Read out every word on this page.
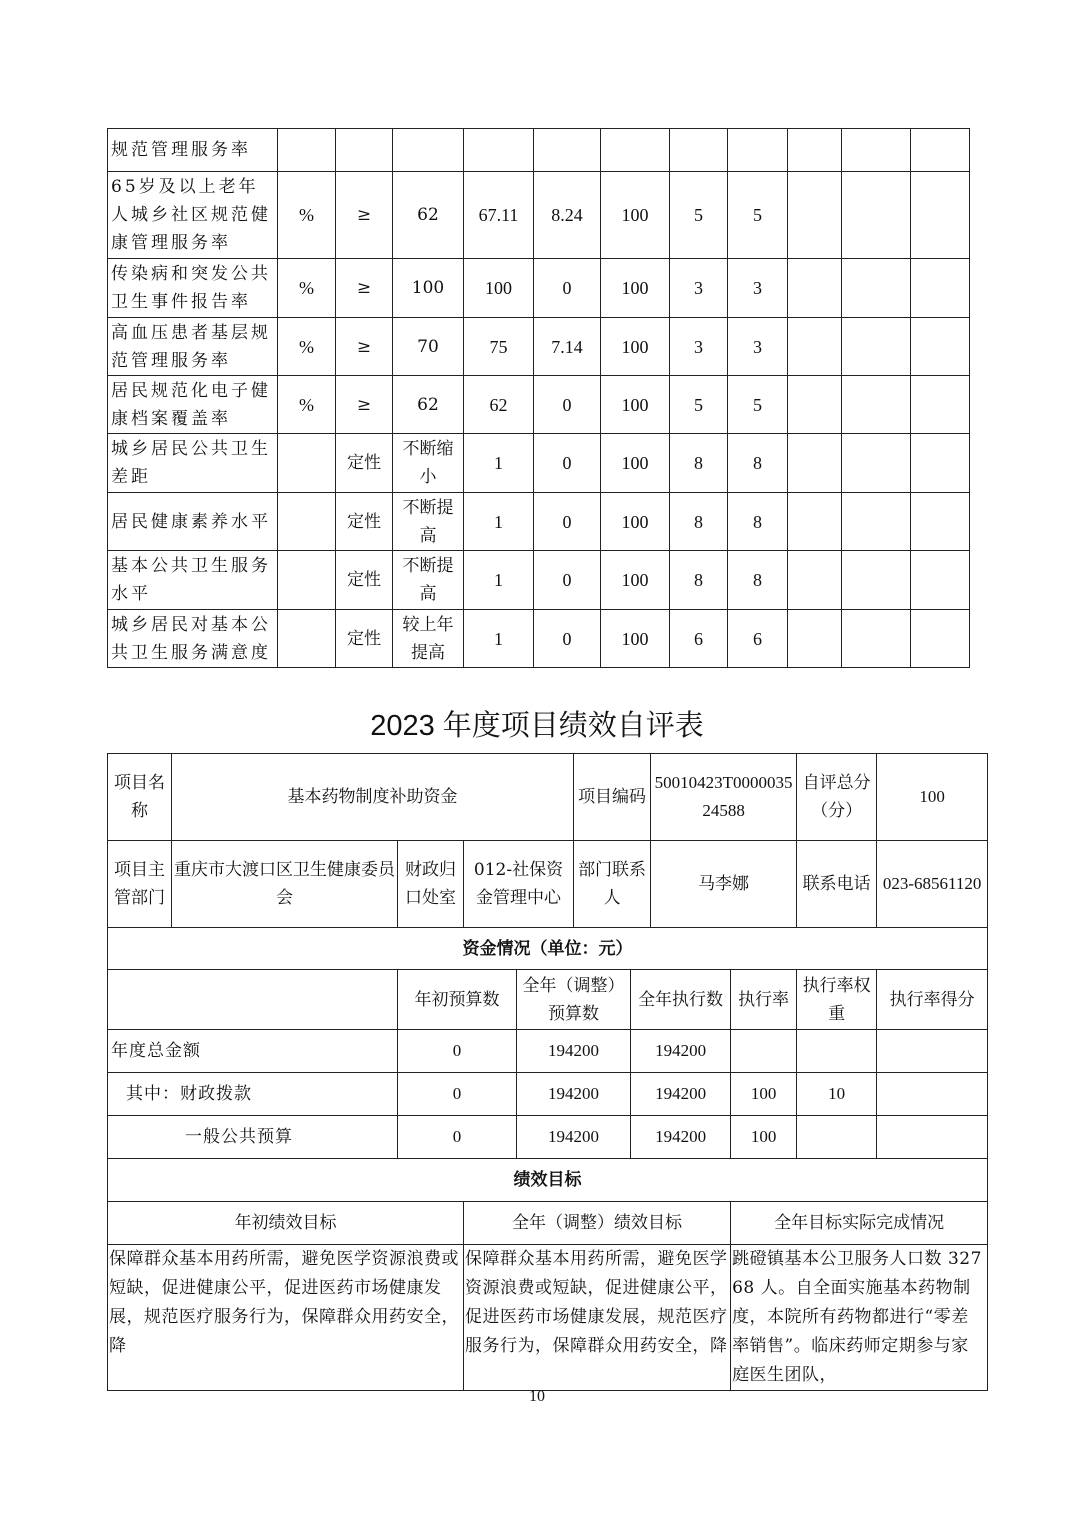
规范管理服务率											
65岁及以上老年人城乡社区规范健康管理服务率	%	≥	62	67.11	8.24	100	5	5			
传染病和突发公共卫生事件报告率	%	≥	100	100	0	100	3	3			
高血压患者基层规范管理服务率	%	≥	70	75	7.14	100	3	3			
居民规范化电子健康档案覆盖率	%	≥	62	62	0	100	5	5			
城乡居民公共卫生差距		定性	不断缩小	1	0	100	8	8			
居民健康素养水平		定性	不断提高	1	0	100	8	8			
基本公共卫生服务水平		定性	不断提高	1	0	100	8	8			
城乡居民对基本公共卫生服务满意度		定性	较上年提高	1	0	100	6	6			
2023 年度项目绩效自评表
项目名称	基本药物制度补助资金				项目编码		50010423T000003524588		自评总分（分）	100
项目主管部门	重庆市大渡口区卫生健康委员会	财政归口处室	012-社保资金管理中心		部门联系人		马李娜		联系电话	023-68561120
资金情况（单位：元）										
		年初预算数		全年（调整）预算数		全年执行数		执行率	执行率权重	执行率得分
年度总金额		0		194200		194200				
其中：财政拨款		0		194200		194200		100	10	
一般公共预算		0		194200		194200		100		
绩效目标										
年初绩效目标			全年（调整）绩效目标					全年目标实际完成情况		
保障群众基本用药所需，避免医学资源浪费或短缺，促进健康公平，促进医药市场健康发展，规范医疗服务行为，保障群众用药安全，降			保障群众基本用药所需，避免医学资源浪费或短缺，促进健康公平，促进医药市场健康发展，规范医疗服务行为，保障群众用药安全，降					跳磴镇基本公卫服务人口数 32768 人。自全面实施基本药物制度，本院所有药物都进行“零差率销售”。临床药师定期参与家庭医生团队，		
10
